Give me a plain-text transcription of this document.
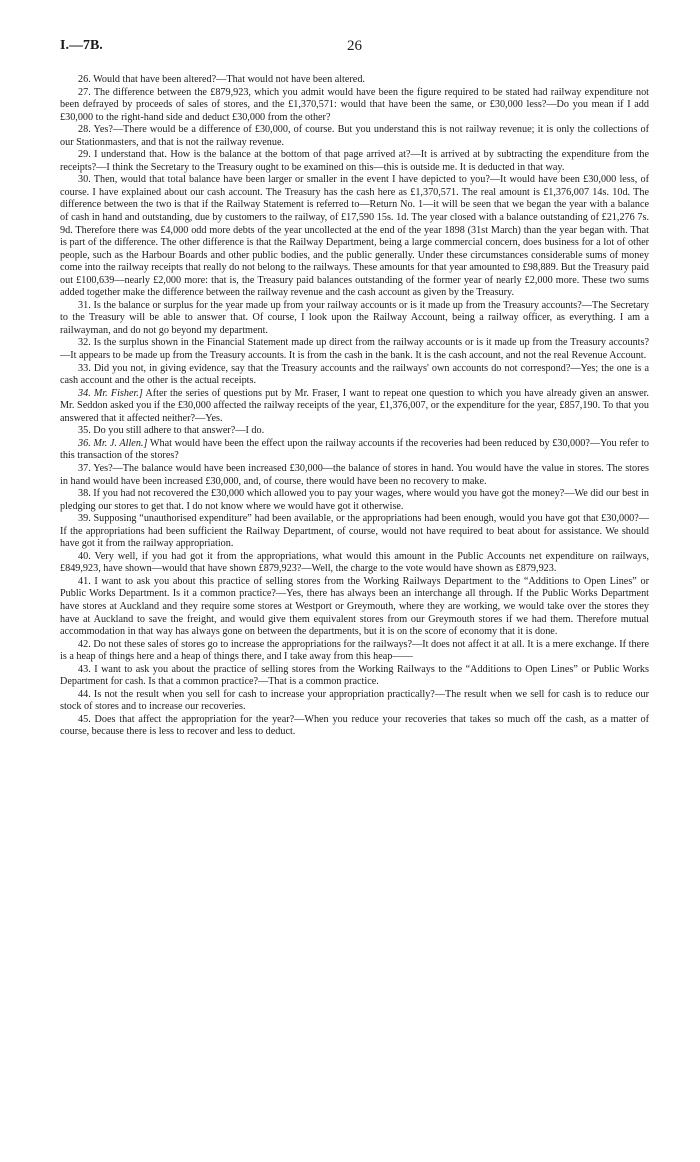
I.—7B.	26

26. Would that have been altered?—That would not have been altered.

27. The difference between the £879,923, which you admit would have been the figure required to be stated had railway expenditure not been defrayed by proceeds of sales of stores, and the £1,370,571: would that have been the same, or £30,000 less?—Do you mean if I add £30,000 to the right-hand side and deduct £30,000 from the other?

28. Yes?—There would be a difference of £30,000, of course. But you understand this is not railway revenue; it is only the collections of our Stationmasters, and that is not the railway revenue.

29. I understand that. How is the balance at the bottom of that page arrived at?—It is arrived at by subtracting the expenditure from the receipts?—I think the Secretary to the Treasury ought to be examined on this—this is outside me. It is deducted in that way.

30. Then, would that total balance have been larger or smaller in the event I have depicted to you?—It would have been £30,000 less, of course. I have explained about our cash account. The Treasury has the cash here as £1,370,571. The real amount is £1,376,007 14s. 10d. The difference between the two is that if the Railway Statement is referred to—Return No. 1—it will be seen that we began the year with a balance of cash in hand and outstanding, due by customers to the railway, of £17,590 15s. 1d. The year closed with a balance outstanding of £21,276 7s. 9d. Therefore there was £4,000 odd more debts of the year uncollected at the end of the year 1898 (31st March) than the year began with. That is part of the difference. The other difference is that the Railway Department, being a large commercial concern, does business for a lot of other people, such as the Harbour Boards and other public bodies, and the public generally. Under these circumstances considerable sums of money come into the railway receipts that really do not belong to the railways. These amounts for that year amounted to £98,889. But the Treasury paid out £100,639—nearly £2,000 more: that is, the Treasury paid balances outstanding of the former year of nearly £2,000 more. These two sums added together make the difference between the railway revenue and the cash account as given by the Treasury.

31. Is the balance or surplus for the year made up from your railway accounts or is it made up from the Treasury accounts?—The Secretary to the Treasury will be able to answer that. Of course, I look upon the Railway Account, being a railway officer, as everything. I am a railwayman, and do not go beyond my department.

32. Is the surplus shown in the Financial Statement made up direct from the railway accounts or is it made up from the Treasury accounts?—It appears to be made up from the Treasury accounts. It is from the cash in the bank. It is the cash account, and not the real Revenue Account.

33. Did you not, in giving evidence, say that the Treasury accounts and the railways' own accounts do not correspond?—Yes; the one is a cash account and the other is the actual receipts.

34. Mr. Fisher.] After the series of questions put by Mr. Fraser, I want to repeat one question to which you have already given an answer. Mr. Seddon asked you if the £30,000 affected the railway receipts of the year, £1,376,007, or the expenditure for the year, £857,190. To that you answered that it affected neither?—Yes.

35. Do you still adhere to that answer?—I do.

36. Mr. J. Allen.] What would have been the effect upon the railway accounts if the recoveries had been reduced by £30,000?—You refer to this transaction of the stores?

37. Yes?—The balance would have been increased £30,000—the balance of stores in hand. You would have the value in stores. The stores in hand would have been increased £30,000, and, of course, there would have been no recovery to make.

38. If you had not recovered the £30,000 which allowed you to pay your wages, where would you have got the money?—We did our best in pledging our stores to get that. I do not know where we would have got it otherwise.

39. Supposing “unauthorised expenditure” had been available, or the appropriations had been enough, would you have got that £30,000?—If the appropriations had been sufficient the Railway Department, of course, would not have required to beat about for assistance. We should have got it from the railway appropriation.

40. Very well, if you had got it from the appropriations, what would this amount in the Public Accounts net expenditure on railways, £849,923, have shown—would that have shown £879,923?—Well, the charge to the vote would have shown as £879,923.

41. I want to ask you about this practice of selling stores from the Working Railways Department to the “Additions to Open Lines” or Public Works Department. Is it a common practice?—Yes, there has always been an interchange all through. If the Public Works Department have stores at Auckland and they require some stores at Westport or Greymouth, where they are working, we would take over the stores they have at Auckland to save the freight, and would give them equivalent stores from our Greymouth stores if we had them. Therefore mutual accommodation in that way has always gone on between the departments, but it is on the score of economy that it is done.

42. Do not these sales of stores go to increase the appropriations for the railways?—It does not affect it at all. It is a mere exchange. If there is a heap of things here and a heap of things there, and I take away from this heap——

43. I want to ask you about the practice of selling stores from the Working Railways to the “Additions to Open Lines” or Public Works Department for cash. Is that a common practice?—That is a common practice.

44. Is not the result when you sell for cash to increase your appropriation practically?—The result when we sell for cash is to reduce our stock of stores and to increase our recoveries.

45. Does that affect the appropriation for the year?—When you reduce your recoveries that takes so much off the cash, as a matter of course, because there is less to recover and less to deduct.
